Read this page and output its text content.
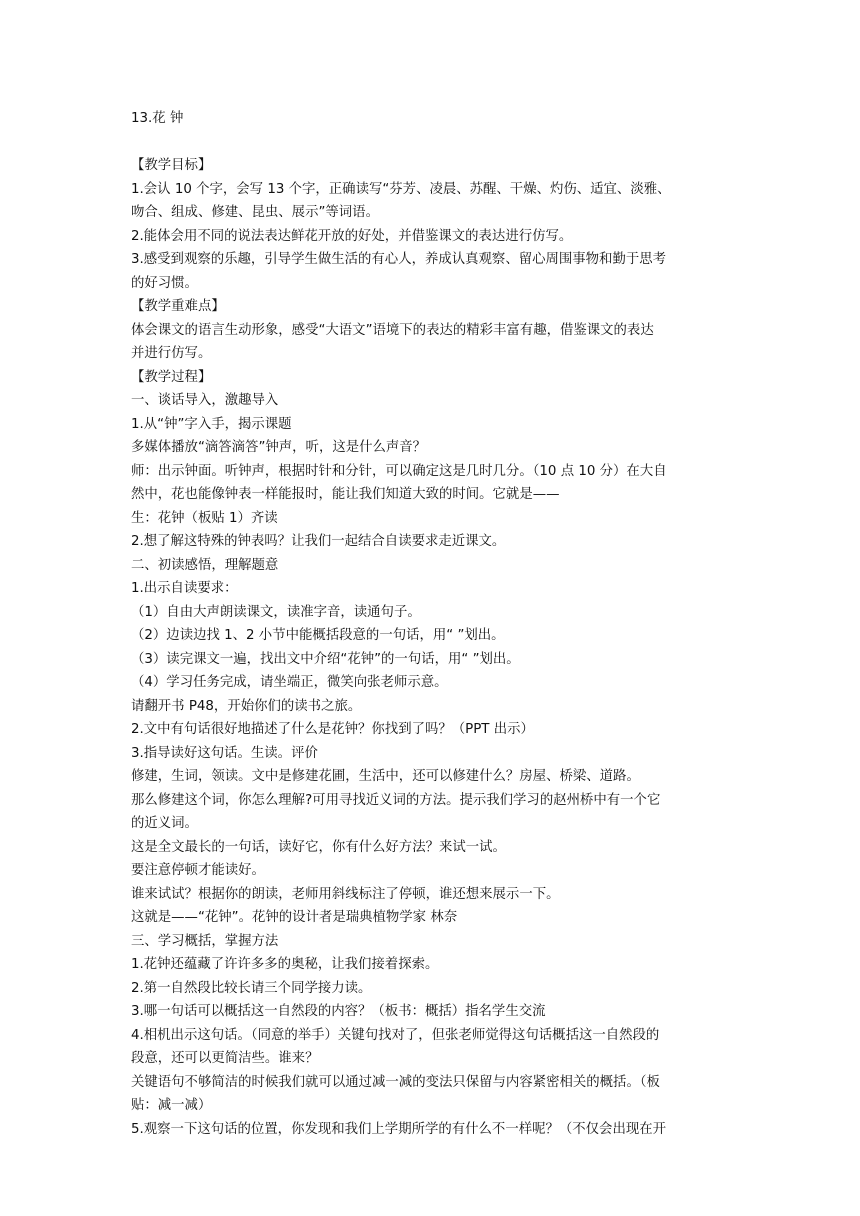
13.花 钟
【教学目标】
1.会认 10 个字，会写 13 个字，正确读写“芬芳、凌晨、苏醒、干燥、灼伤、适宜、淡雅、
吻合、组成、修建、昆虫、展示”等词语。
2.能体会用不同的说法表达鲜花开放的好处，并借鉴课文的表达进行仿写。
3.感受到观察的乐趣，引导学生做生活的有心人，养成认真观察、留心周围事物和勤于思考
的好习惯。
【教学重难点】
体会课文的语言生动形象，感受“大语文”语境下的表达的精彩丰富有趣，借鉴课文的表达
并进行仿写。
【教学过程】
一、谈话导入，激趣导入
1.从“钟”字入手，揭示课题
多媒体播放“滴答滴答”钟声，听，这是什么声音？
师：出示钟面。听钟声，根据时针和分针，可以确定这是几时几分。（10 点 10 分）在大自
然中，花也能像钟表一样能报时，能让我们知道大致的时间。它就是——
生：花钟（板贴 1）齐读
2.想了解这特殊的钟表吗？让我们一起结合自读要求走近课文。
二、初读感悟，理解题意
1.出示自读要求：
（1）自由大声朗读课文，读准字音，读通句子。
（2）边读边找 1、2 小节中能概括段意的一句话，用“ ”划出。
（3）读完课文一遍，找出文中介绍“花钟”的一句话，用“ ”划出。
（4）学习任务完成，请坐端正，微笑向张老师示意。
请翻开书 P48，开始你们的读书之旅。
2.文中有句话很好地描述了什么是花钟？你找到了吗？（PPT 出示）
3.指导读好这句话。生读。评价
修建，生词，领读。文中是修建花圃，生活中，还可以修建什么？房屋、桥梁、道路。
那么修建这个词，你怎么理解?可用寻找近义词的方法。提示我们学习的赵州桥中有一个它
的近义词。
这是全文最长的一句话，读好它，你有什么好方法？来试一试。
要注意停顿才能读好。
谁来试试？根据你的朗读，老师用斜线标注了停顿，谁还想来展示一下。
这就是——“花钟”。花钟的设计者是瑞典植物学家 林奈
三、学习概括，掌握方法
1.花钟还蕴藏了许许多多的奥秘，让我们接着探索。
2.第一自然段比较长请三个同学接力读。
3.哪一句话可以概括这一自然段的内容？（板书：概括）指名学生交流
4.相机出示这句话。（同意的举手）关键句找对了，但张老师觉得这句话概括这一自然段的
段意，还可以更简洁些。谁来？
关键语句不够简洁的时候我们就可以通过减一减的变法只保留与内容紧密相关的概括。（板
贴：减一减）
5.观察一下这句话的位置，你发现和我们上学期所学的有什么不一样呢？（不仅会出现在开
